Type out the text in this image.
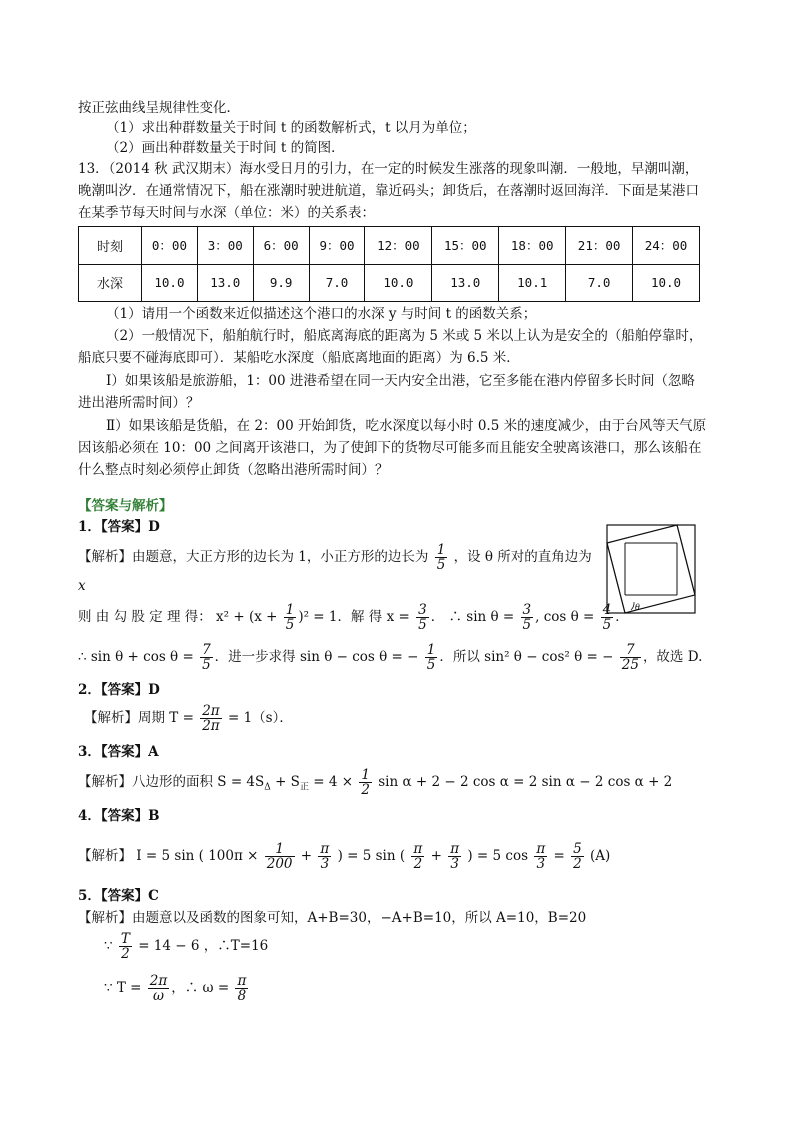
按正弦曲线呈规律性变化．
（1）求出种群数量关于时间 t 的函数解析式，t 以月为单位；
（2）画出种群数量关于时间 t 的简图．
13．（2014 秋 武汉期末）海水受日月的引力，在一定的时候发生涨落的现象叫潮．一般地，早潮叫潮，
晚潮叫汐．在通常情况下，船在涨潮时驶进航道，靠近码头；卸货后，在落潮时返回海洋．下面是某港口
在某季节每天时间与水深（单位：米）的关系表：
时刻	0：00	3：00	6：00	9：00	12：00	15：00	18：00	21：00	24：00
水深	10.0	13.0	9.9	7.0	10.0	13.0	10.1	7.0	10.0
（1）请用一个函数来近似描述这个港口的水深 y 与时间 t 的函数关系；
（2）一般情况下，船舶航行时，船底离海底的距离为 5 米或 5 米以上认为是安全的（船舶停靠时，
船底只要不碰海底即可）．某船吃水深度（船底离地面的距离）为 6.5 米．
Ⅰ）如果该船是旅游船，1：00 进港希望在同一天内安全出港，它至多能在港内停留多长时间（忽略
进出港所需时间）？
Ⅱ）如果该船是货船，在 2：00 开始卸货，吃水深度以每小时 0.5 米的速度减少，由于台风等天气原
因该船必须在 10：00 之间离开该港口，为了使卸下的货物尽可能多而且能安全驶离该港口，那么该船在
什么整点时刻必须停止卸货（忽略出港所需时间）？
【答案与解析】
1．【答案】D
【解析】由题意，大正方形的边长为 1，小正方形的边长为 $\frac{1}{5}$ ，设 θ 所对的直角边为
x
θ
则 由 勾 股 定 理 得： $x^2 + (x + \frac{1}{5} )^2 = 1$．解 得 $x = \frac{3}{5}$ ． ∴ $\sin \theta = \frac{3}{5}$ , $\cos \theta = \frac{4}{5}$ ．
∴ $\sin \theta + \cos \theta = \frac{7}{5}$ ．进一步求得 sin θ − cos θ = − $\frac{1}{5}$ ．所以 sin² θ − cos² θ = − $\frac{7}{25}$ ，故选 D.
2．【答案】D
【解析】周期 $T = \frac{2\pi}{2\pi} = 1(s)$．
3．【答案】A
【解析】八边形的面积 $S = 4S_\Delta + S_正 = 4 \times \frac{1}{2}$ sin α + 2 − 2 cos α = 2 sin α − 2 cos α + 2
4．【答案】B
【解析】 I = 5 sin ( $100\pi \times \frac{1}{200} + \frac{\pi}{3}$ ) = 5 sin ( $\frac{\pi}{2} + \frac{\pi}{3}$ ) = 5 $\cos \frac{\pi}{3} = \frac{5}{2} (A)$
5．【答案】C
【解析】由题意以及函数的图象可知，A+B=30，−A+B=10，所以 A=10，B=20
∵ $\frac{T}{2} = 14 - 6$ ，∴T=16
∵ $T = \frac{2\pi}{\omega}$ ，∴ $\omega = \frac{\pi}{8}$
